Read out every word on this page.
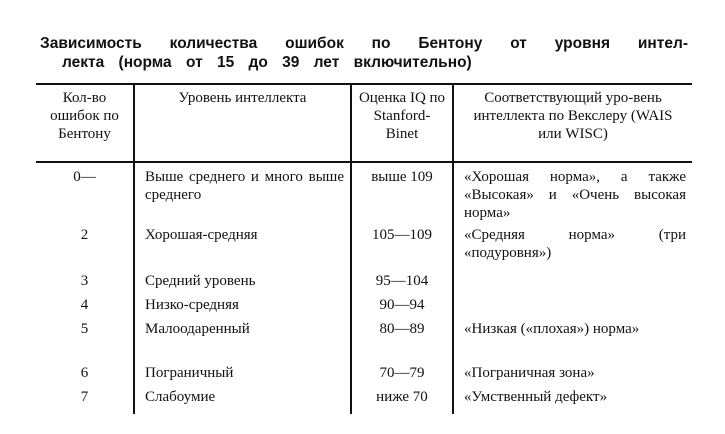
Зависимость количества ошибок по Бентону от уровня интел-
лекта (норма от 15 до 39 лет включительно)
Кол-во ошибок по Бентону	Уровень интеллекта	Оценка IQ по Stanford-Binet	Соответствующий уро-вень интеллекта по Векслеру (WAIS или WISC)
0—	Выше среднего и много выше среднего	выше 109	«Хорошая норма», а также «Высокая» и «Очень высокая норма»
2	Хорошая-средняя	105—109	«Средняя норма» (три «подуровня»)
3	Средний уровень	95—104	
4	Низко-средняя	90—94	
5	Малоодаренный	80—89	«Низкая («плохая») норма»
6	Пограничный	70—79	«Пограничная зона»
7	Слабоумие	ниже 70	«Умственный дефект»
